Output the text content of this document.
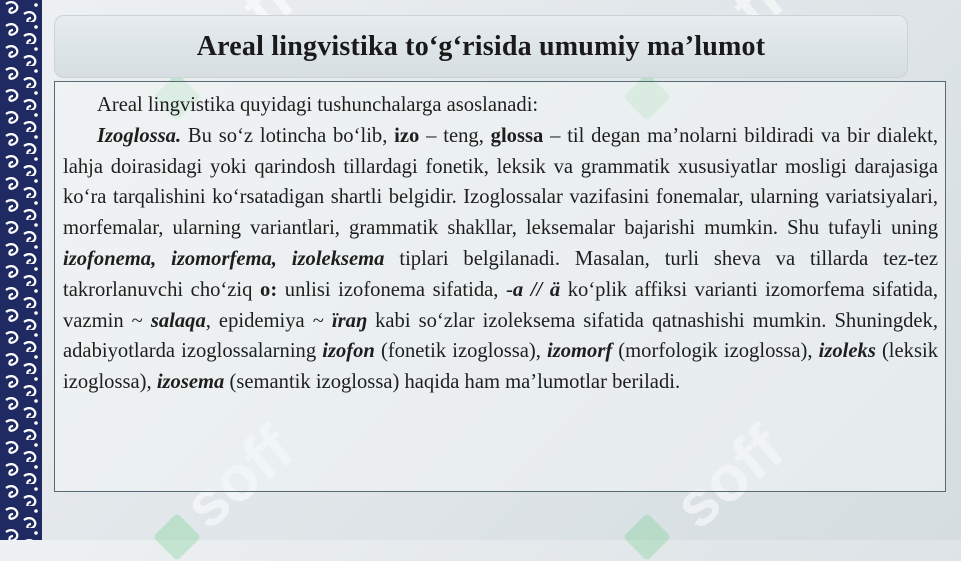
Areal lingvistika to‘g‘risida umumiy ma’lumot

Areal lingvistika quyidagi tushunchalarga asoslanadi:

Izoglossa. Bu so‘z lotincha bo‘lib, izo – teng, glossa – til degan ma’nolarni bildiradi va bir dialekt, lahja doirasidagi yoki qarindosh tillardagi fonetik, leksik va grammatik xususiyatlar mosligi darajasiga ko‘ra tarqalishini ko‘rsatadigan shartli belgidir. Izoglossalar vazifasini fonemalar, ularning variatsiyalari, morfemalar, ularning variantlari, grammatik shakllar, leksemalar bajarishi mumkin. Shu tufayli uning izofonema, izomorfema, izoleksema tiplari belgilanadi. Masalan, turli sheva va tillarda tez-tez takrorlanuvchi cho‘ziq o: unlisi izofonema sifatida, -a // ä ko‘plik affiksi varianti izomorfema sifatida, vazmin ~ salaqa, epidemiya ~ ïraŋ kabi so‘zlar izoleksema sifatida qatnashishi mumkin. Shuningdek, adabiyotlarda izoglossalarning izofon (fonetik izoglossa), izomorf (morfologik izoglossa), izoleks (leksik izoglossa), izosema (semantik izoglossa) haqida ham ma’lumotlar beriladi.
